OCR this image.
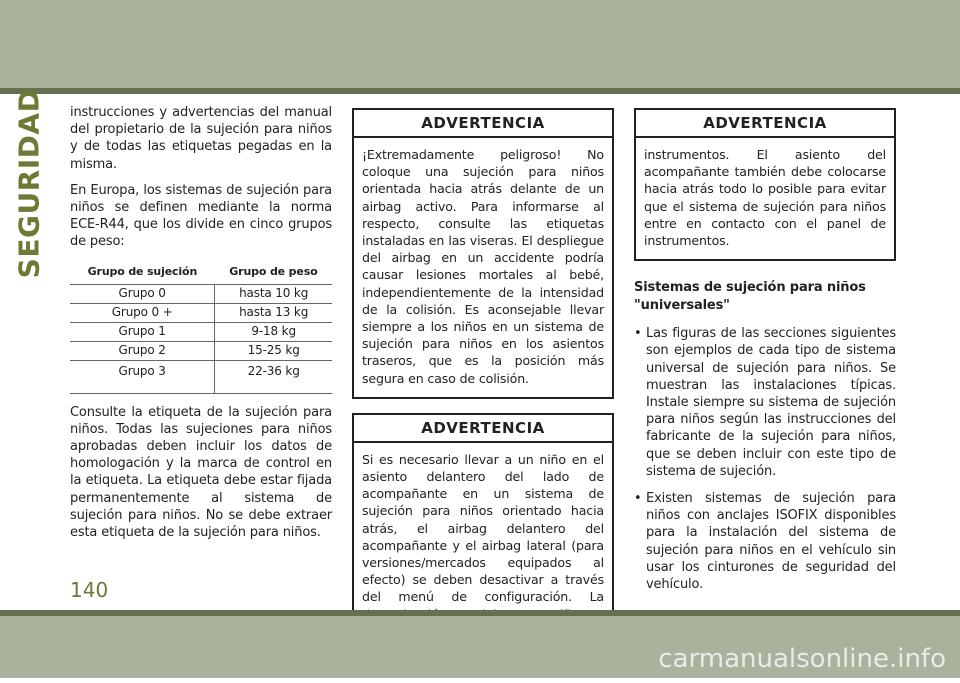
SEGURIDAD instrucciones y advertencias del manual del propietario de la sujeción para niños y de todas las etiquetas pegadas en la misma.

En Europa, los sistemas de sujeción para niños se definen mediante la norma ECE-R44, que los divide en cinco grupos de peso:

Grupo de sujeción	Grupo de peso
Grupo 0	hasta 10 kg
Grupo 0 +	hasta 13 kg
Grupo 1	9-18 kg
Grupo 2	15-25 kg
Grupo 3	22-36 kg

Consulte la etiqueta de la sujeción para niños. Todas las sujeciones para niños aprobadas deben incluir los datos de homologación y la marca de control en la etiqueta. La etiqueta debe estar fijada permanentemente al sistema de sujeción para niños. No se debe extraer esta etiqueta de la sujeción para niños.

ADVERTENCIA
¡Extremadamente peligroso! No coloque una sujeción para niños orientada hacia atrás delante de un airbag activo. Para informarse al respecto, consulte las etiquetas instaladas en las viseras. El despliegue del airbag en un accidente podría causar lesiones mortales al bebé, independientemente de la intensidad de la colisión. Es aconsejable llevar siempre a los niños en un sistema de sujeción para niños en los asientos traseros, que es la posición más segura en caso de colisión.
ADVERTENCIA
Si es necesario llevar a un niño en el asiento delantero del lado de acompañante en un sistema de sujeción para niños orientado hacia atrás, el airbag delantero del acompañante y el airbag lateral (para versiones/mercados equipados al efecto) se deben desactivar a través del menú de configuración. La
ADVERTENCIA
instrumentos. El asiento del acompañante también debe colocarse hacia atrás todo lo posible para evitar que el sistema de sujeción para niños entre en contacto con el panel de instrumentos.
Sistemas de sujeción para niños "universales"
• Las figuras de las secciones siguientes son ejemplos de cada tipo de sistema universal de sujeción para niños. Se muestran las instalaciones típicas. Instale siempre su sistema de sujeción para niños según las instrucciones del fabricante de la sujeción para niños, que se deben incluir con este tipo de sistema de sujeción.
• Existen sistemas de sujeción para niños con anclajes ISOFIX disponibles para la instalación del sistema de sujeción para niños en el vehículo sin usar los cinturones de seguridad del vehículo.
140
carmanualsonline.info
